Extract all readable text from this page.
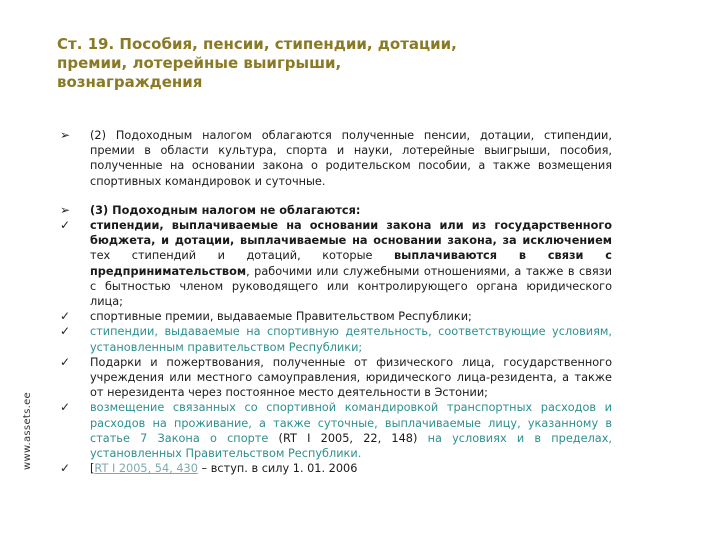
www.assets.ee
Ст. 19. Пособия, пенсии, стипендии, дотации,
премии, лотерейные выигрыши,
вознаграждения
➢	(2) Подоходным налогом облагаются полученные пенсии, дотации, стипендии, премии в области культура, спорта и науки, лотерейные выигрыши, пособия, полученные на основании закона о родительском пособии, а также возмещения спортивных командировок и суточные.
➢	(3) Подоходным налогом не облагаются:
✓	стипендии, выплачиваемые на основании закона или из государственного бюджета, и дотации, выплачиваемые на основании закона, за исключением тех стипендий и дотаций, которые выплачиваются в связи с предпринимательством, рабочими или служебными отношениями, а также в связи с бытностью членом руководящего или контролирующего органа юридического лица;
✓	спортивные премии, выдаваемые Правительством Республики;
✓	стипендии, выдаваемые на спортивную деятельность, соответствующие условиям, установленным правительством Республики;
✓	Подарки и пожертвования, полученные от физического лица, государственного учреждения или местного самоуправления, юридического лица-резидента, а также от нерезидента через постоянное место деятельности в Эстонии;
✓	возмещение связанных со спортивной командировкой транспортных расходов и расходов на проживание, а также суточные, выплачиваемые лицу, указанному в статье 7 Закона о спорте (RT I 2005, 22, 148) на условиях и в пределах, установленных Правительством Республики.
✓	[RT I 2005, 54, 430 – вступ. в силу 1. 01. 2006
